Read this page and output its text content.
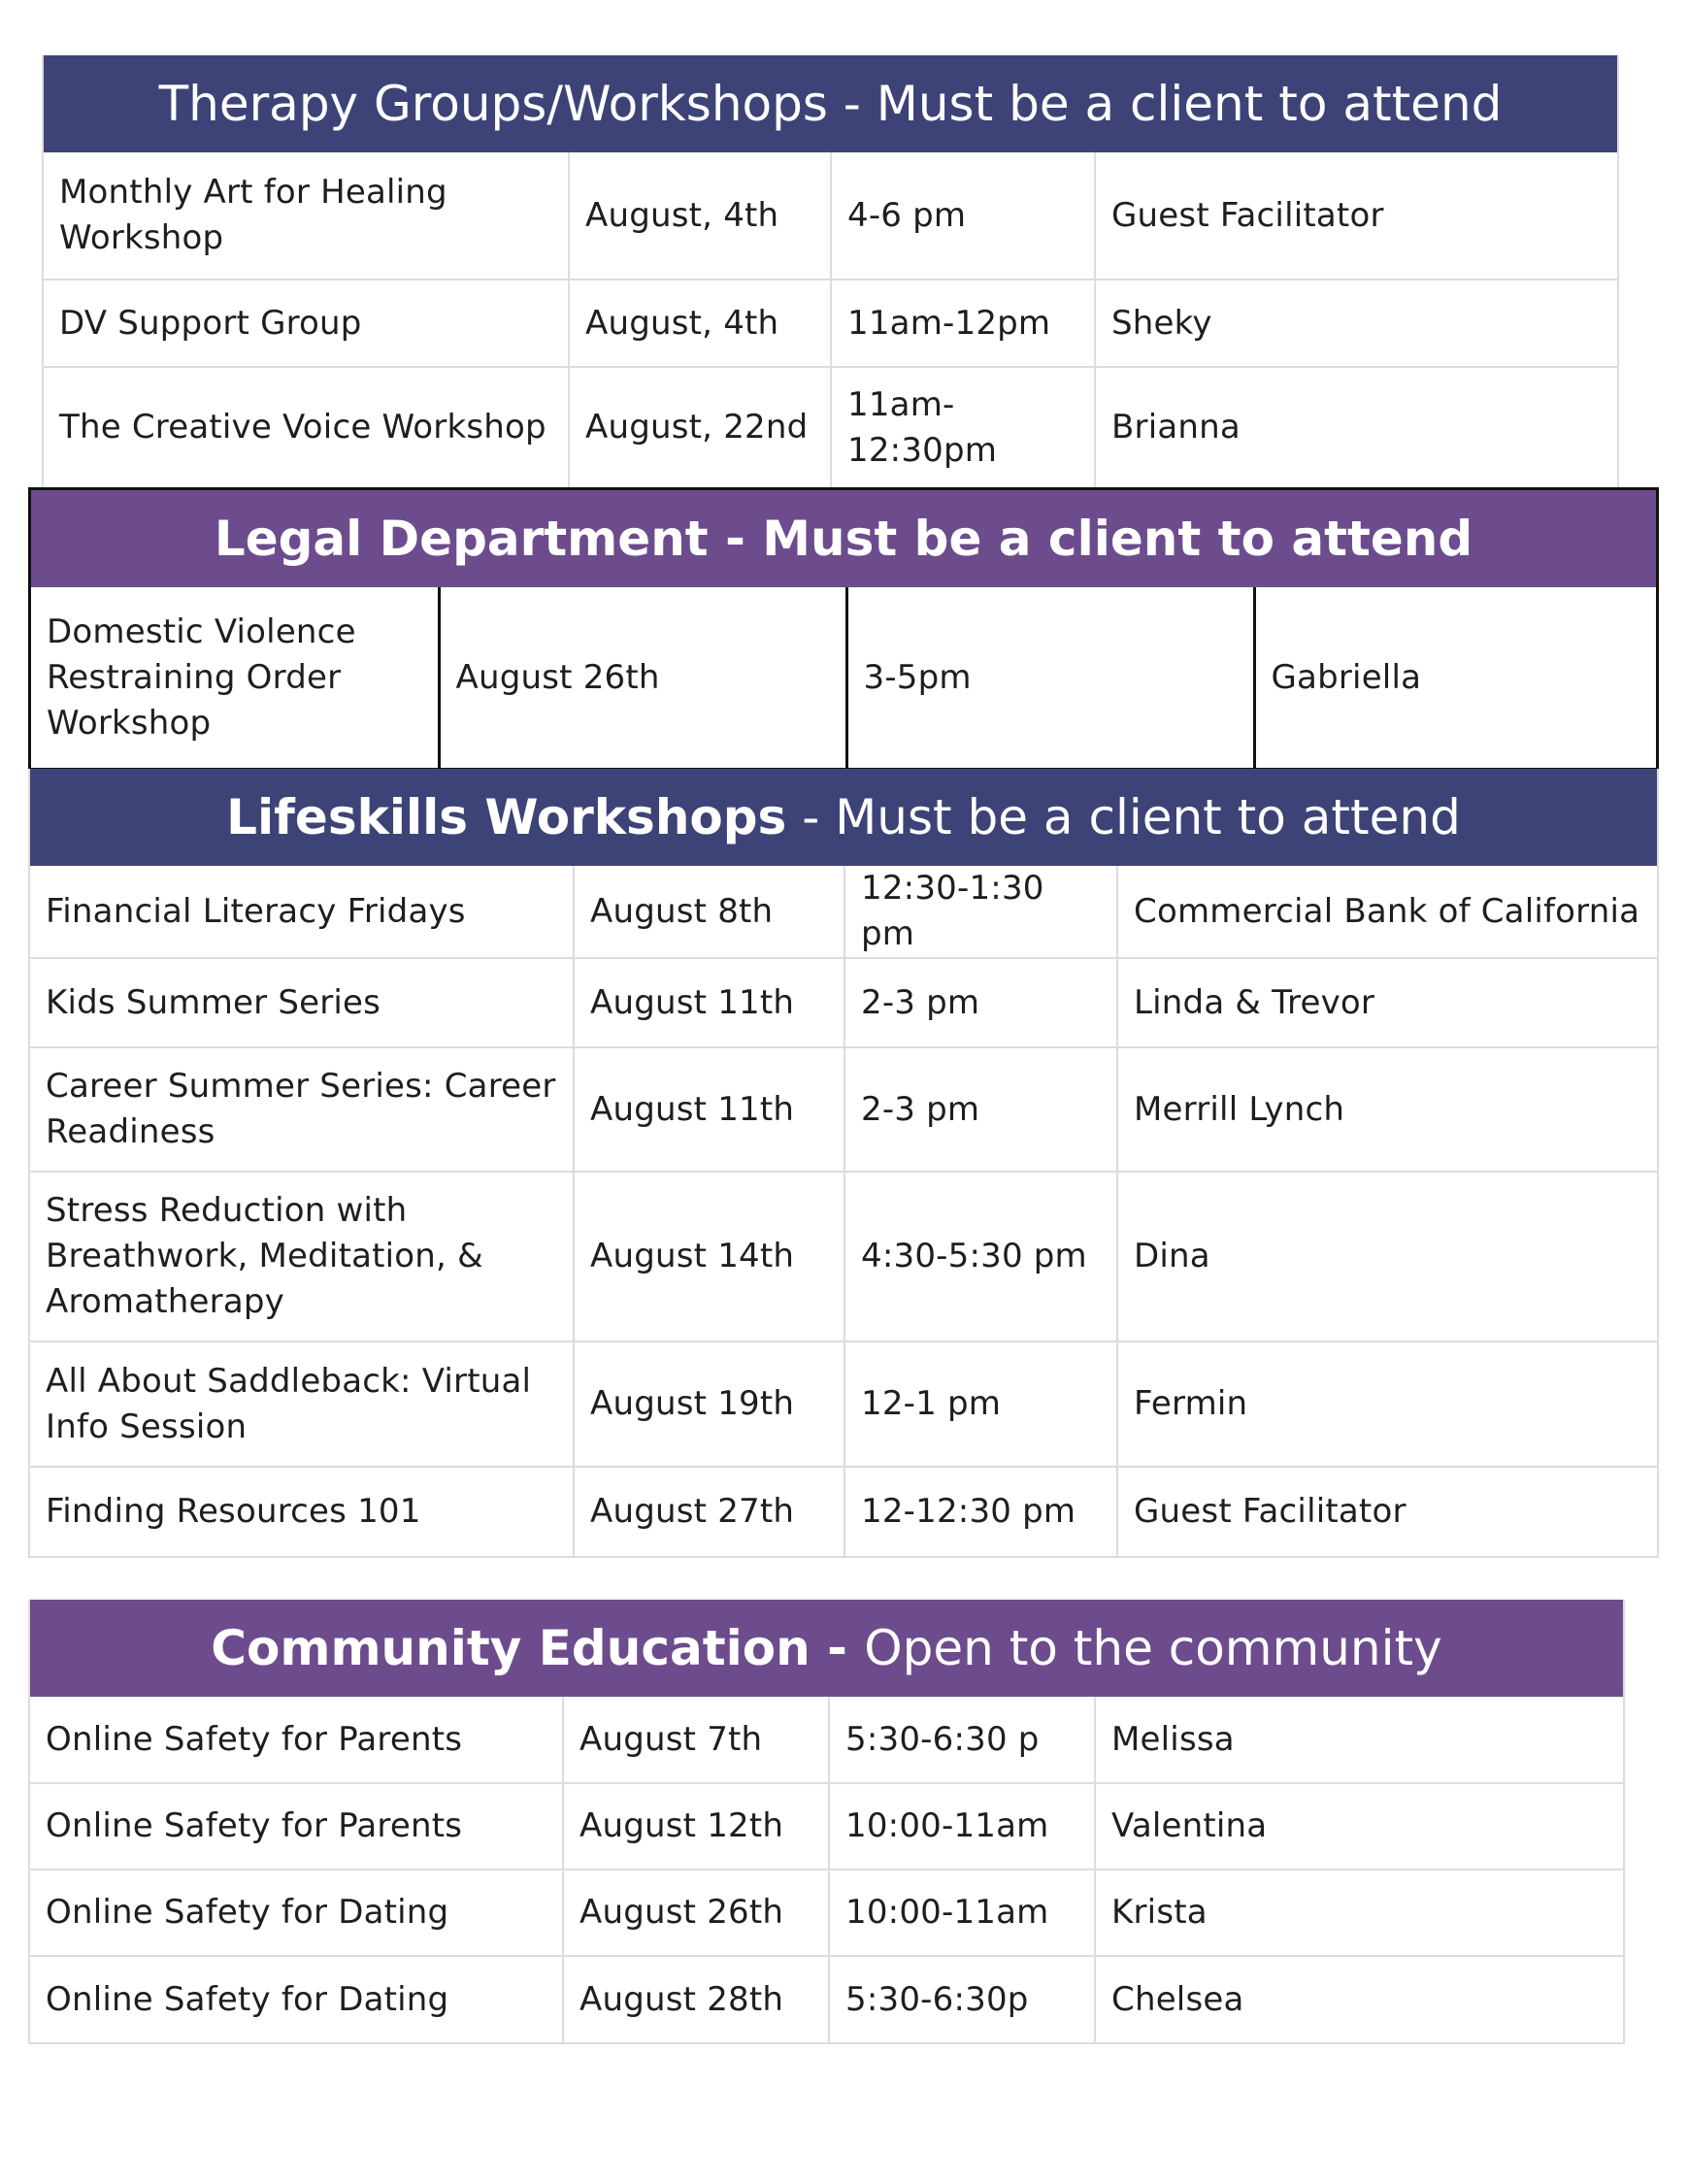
Therapy Groups/Workshops - Must be a client to attend
Monthly Art for Healing Workshop	August, 4th	4-6 pm	Guest Facilitator
DV Support Group	August, 4th	11am-12pm	Sheky
The Creative Voice Workshop	August, 22nd	11am-12:30pm	Brianna
Legal Department - Must be a client to attend
Domestic Violence Restraining Order Workshop	August 26th	3-5pm	Gabriella
Lifeskills Workshops - Must be a client to attend
Financial Literacy Fridays	August 8th	12:30-1:30 pm	Commercial Bank of California
Kids Summer Series	August 11th	2-3 pm	Linda & Trevor
Career Summer Series: Career Readiness	August 11th	2-3 pm	Merrill Lynch
Stress Reduction with Breathwork, Meditation, & Aromatherapy	August 14th	4:30-5:30 pm	Dina
All About Saddleback: Virtual Info Session	August 19th	12-1 pm	Fermin
Finding Resources 101	August 27th	12-12:30 pm	Guest Facilitator
Community Education - Open to the community
Online Safety for Parents	August 7th	5:30-6:30 p	Melissa
Online Safety for Parents	August 12th	10:00-11am	Valentina
Online Safety for Dating	August 26th	10:00-11am	Krista
Online Safety for Dating	August 28th	5:30-6:30p	Chelsea
